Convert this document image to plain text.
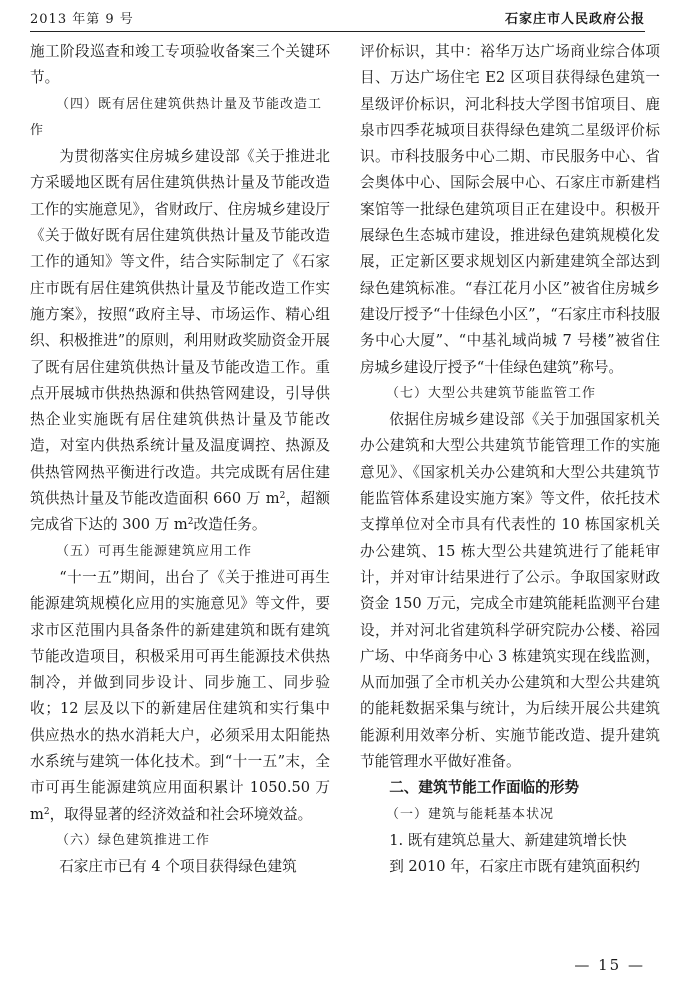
2013 年第 9 号	石家庄市人民政府公报

施工阶段巡查和竣工专项验收备案三个关键环节。

（四）既有居住建筑供热计量及节能改造工作

为贯彻落实住房城乡建设部《关于推进北方采暖地区既有居住建筑供热计量及节能改造工作的实施意见》，省财政厅、住房城乡建设厅《关于做好既有居住建筑供热计量及节能改造工作的通知》等文件，结合实际制定了《石家庄市既有居住建筑供热计量及节能改造工作实施方案》，按照“政府主导、市场运作、精心组织、积极推进”的原则，利用财政奖励资金开展了既有居住建筑供热计量及节能改造工作。重点开展城市供热热源和供热管网建设，引导供热企业实施既有居住建筑供热计量及节能改造，对室内供热系统计量及温度调控、热源及供热管网热平衡进行改造。共完成既有居住建筑供热计量及节能改造面积 660 万 $m^2$，超额完成省下达的 300 万 $m^2$改造任务。

（五）可再生能源建筑应用工作

“十一五”期间，出台了《关于推进可再生能源建筑规模化应用的实施意见》等文件，要求市区范围内具备条件的新建建筑和既有建筑节能改造项目，积极采用可再生能源技术供热制冷，并做到同步设计、同步施工、同步验收；12 层及以下的新建居住建筑和实行集中供应热水的热水消耗大户，必须采用太阳能热水系统与建筑一体化技术。到“十一五”末，全市可再生能源建筑应用面积累计 1050.50 万 $m^2$，取得显著的经济效益和社会环境效益。

（六）绿色建筑推进工作

石家庄市已有 4 个项目获得绿色建筑

评价标识，其中：裕华万达广场商业综合体项目、万达广场住宅 E2 区项目获得绿色建筑一星级评价标识，河北科技大学图书馆项目、鹿泉市四季花城项目获得绿色建筑二星级评价标识。市科技服务中心二期、市民服务中心、省会奥体中心、国际会展中心、石家庄市新建档案馆等一批绿色建筑项目正在建设中。积极开展绿色生态城市建设，推进绿色建筑规模化发展，正定新区要求规划区内新建建筑全部达到绿色建筑标准。“春江花月小区”被省住房城乡建设厅授予“十佳绿色小区”，“石家庄市科技服务中心大厦”、“中基礼域尚城 7 号楼”被省住房城乡建设厅授予“十佳绿色建筑”称号。

（七）大型公共建筑节能监管工作

依据住房城乡建设部《关于加强国家机关办公建筑和大型公共建筑节能管理工作的实施意见》、《国家机关办公建筑和大型公共建筑节能监管体系建设实施方案》等文件，依托技术支撑单位对全市具有代表性的 10 栋国家机关办公建筑、15 栋大型公共建筑进行了能耗审计，并对审计结果进行了公示。争取国家财政资金 150 万元，完成全市建筑能耗监测平台建设，并对河北省建筑科学研究院办公楼、裕园广场、中华商务中心 3 栋建筑实现在线监测，从而加强了全市机关办公建筑和大型公共建筑的能耗数据采集与统计，为后续开展公共建筑能源利用效率分析、实施节能改造、提升建筑节能管理水平做好准备。

二、建筑节能工作面临的形势

（一）建筑与能耗基本状况

1. 既有建筑总量大、新建建筑增长快

到 2010 年，石家庄市既有建筑面积约

— 15 —
